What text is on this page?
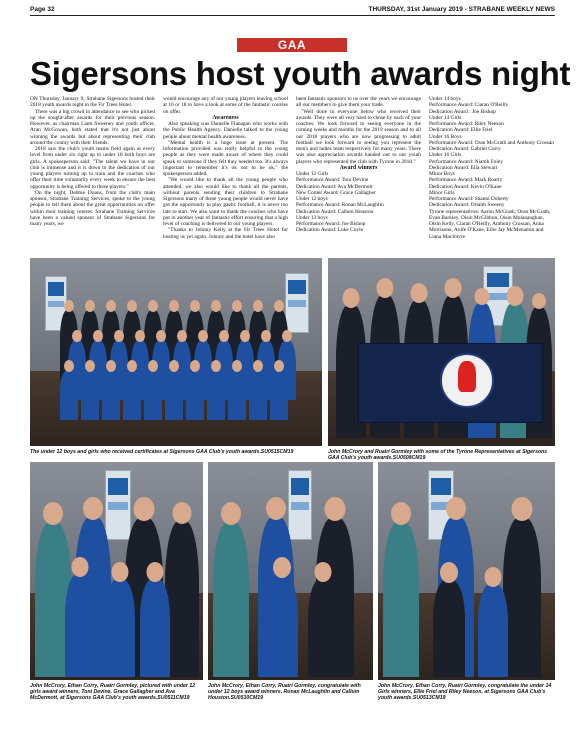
Page 32	THURSDAY, 31st January 2019 - STRABANE WEEKLY NEWS
GAA
Sigersons host youth awards night

ON Thursday, January 9, Strabane Sigersons hosted their 2018 youth awards night in the Fir Trees Hotel.

There was a big crowd in attendance to see who picked up the sought-after awards for their previous season. However, as chairman Liam Sweeney and youth officer, Aran McGowan, both stated that it's not just about winning the awards but about representing their club around the county with their friends.

2018 saw the club's youth teams field again at every level from under six right up to under 18 both boys are girls. A spokesperson said: "The talent we have in our club is immense and it is down to the dedication of our young players turning up to train and the coaches who offer their time voluntarily every week to ensure the best opportunity is being offered to these players."

On the night, Debbie Doans, from the club's main sponsor, Strabane Training Services, spoke to the young people to tell them about the great opportunities on offer within their training centres. Strabane Training Services have been a valued sponsor of Strabane Sigersons for many years, we

would encourage any of our young players leaving school at 16 or 18 to have a look at some of the fantastic courses on offer.

Awareness

Also speaking was Danielle Flanagan who works with the Public Health Agency. Danielle talked to the young people about mental health awareness.

"Mental health is a huge issue at present. The information provided was really helpful to the young people as they were made aware of where they could speak to someone if they felt they needed too. It's always important to remember it's ok not to be ok," the spokesperson added.

"We would like to thank all the young people who attended, we also would like to thank all the parents, without parents sending their children to Strabane Sigersons many of these young people would never have got the opportunity to play gaelic football, it is never too late to start. We also want to thank the coaches who have put in another year of fantastic effort ensuring that a high level of coaching is delivered to our young players.

"Thanks to Johnny Kelly at the Fir Trees Hotel for hosting us yet again. Johnny and the hotel have also

been fantastic sponsors to us over the years we encourage all our members to give them your trade.

"Well done to everyone below who received their awards. They were all very hard to chose by each of your coaches. We look forward to seeing everyone in the coming weeks and months for the 2019 season and to all our 2018 players who are now progressing to adult football we look forward to seeing you represent the men's and ladies team respectively for many years. There was also appreciation awards handed out to our youth players who represented the club with Tyrone in 2018."

Award winners

Under 12 Girls
Performance Award: Toni Devine
Dedication Award: Ava McDermott
New Comer Award: Grace Gallagher
Under 12 boys
Performance Award: Ronan McLaughlin
Dedication Award: Callum Houston
Under 13 boys
Performance Award: Joe Bishop
Dedication Award: Luke Coyle
Under 14 boys
Performance Award: Ciaran O'Reilly
Dedication Award : Joe Bishop
Under 14 Girls
Performance Award: Riley Neeson
Dedication Award: Ellie Friel
Under 16 Boys
Performance Award: Oran McGrath and Anthony Crossan
Dedication Award: Gabriel Corry
Under 16 Girls
Performance Award: Niamh Foley
Dedication Award: Ella Stewart
Minor Boys
Performance Award: Mark Roarty
Dedication Award: Kevin O'Kane
Minor Girls
Performance Award: Shanni Doherty
Dedication Award: Orlaith Sweeny
Tyrone representatives: Aaron McGrath, Oran McGrath, Evan Barkley, Oisin McGibbon, Oisin Molanaughan, Oisin Kelly, Ciaran O'Reilly, Anthony Crossan, Anna Morrisone, Aoife O'Kane, Ellie Jay McMenamin and Liana MacIntyre
The under 12 boys and girls who received certificates at Sigersons GAA Club's youth awards.SU0515CM19	John McCrory and Ruairi Gormley with some of the Tyrone Representatives at Sigersons GAA Club's youth awards.SU0508CM19
John McCrory, Ethan Corry, Ruairi Gormley, pictured with under 12 girls award winners, Toni Devine, Grace Gallagher and Ava McDermott, at Sigersons GAA Club's youth awards.SU0511CM19
John McCrory, Ethan Corry, Ruairi Gormley, congratulate with under 12 boys award winners, Ronan McLaughlin and Callum Houston.SU0510CM19
John McCrory, Ethan Corry, Ruairi Gormley, congratulate the under 14 Girls winners, Ellie Friel and Riley Neeson, at Sigersons GAA Club's youth awards.SU0513CM19
